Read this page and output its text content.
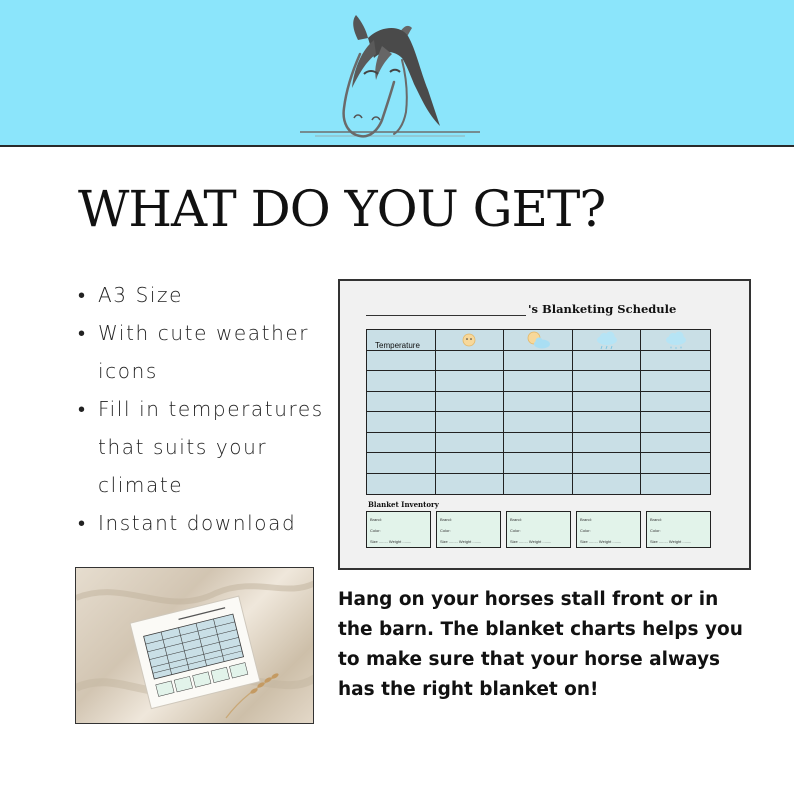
WHAT DO YOU GET?
• A3 Size
• With cute weather icons
• Fill in temperatures that suits your climate
• Instant download
's Blanketing Schedule
Temperature
Blanket Inventory
Brand:
Color:
Size ........ Weight ........
Brand:
Color:
Size ........ Weight ........
Brand:
Color:
Size ........ Weight ........
Brand:
Color:
Size ........ Weight ........
Brand:
Color:
Size ........ Weight ........

Hang on your horses stall front or in the barn. The blanket charts helps you to make sure that your horse always has the right blanket on!
